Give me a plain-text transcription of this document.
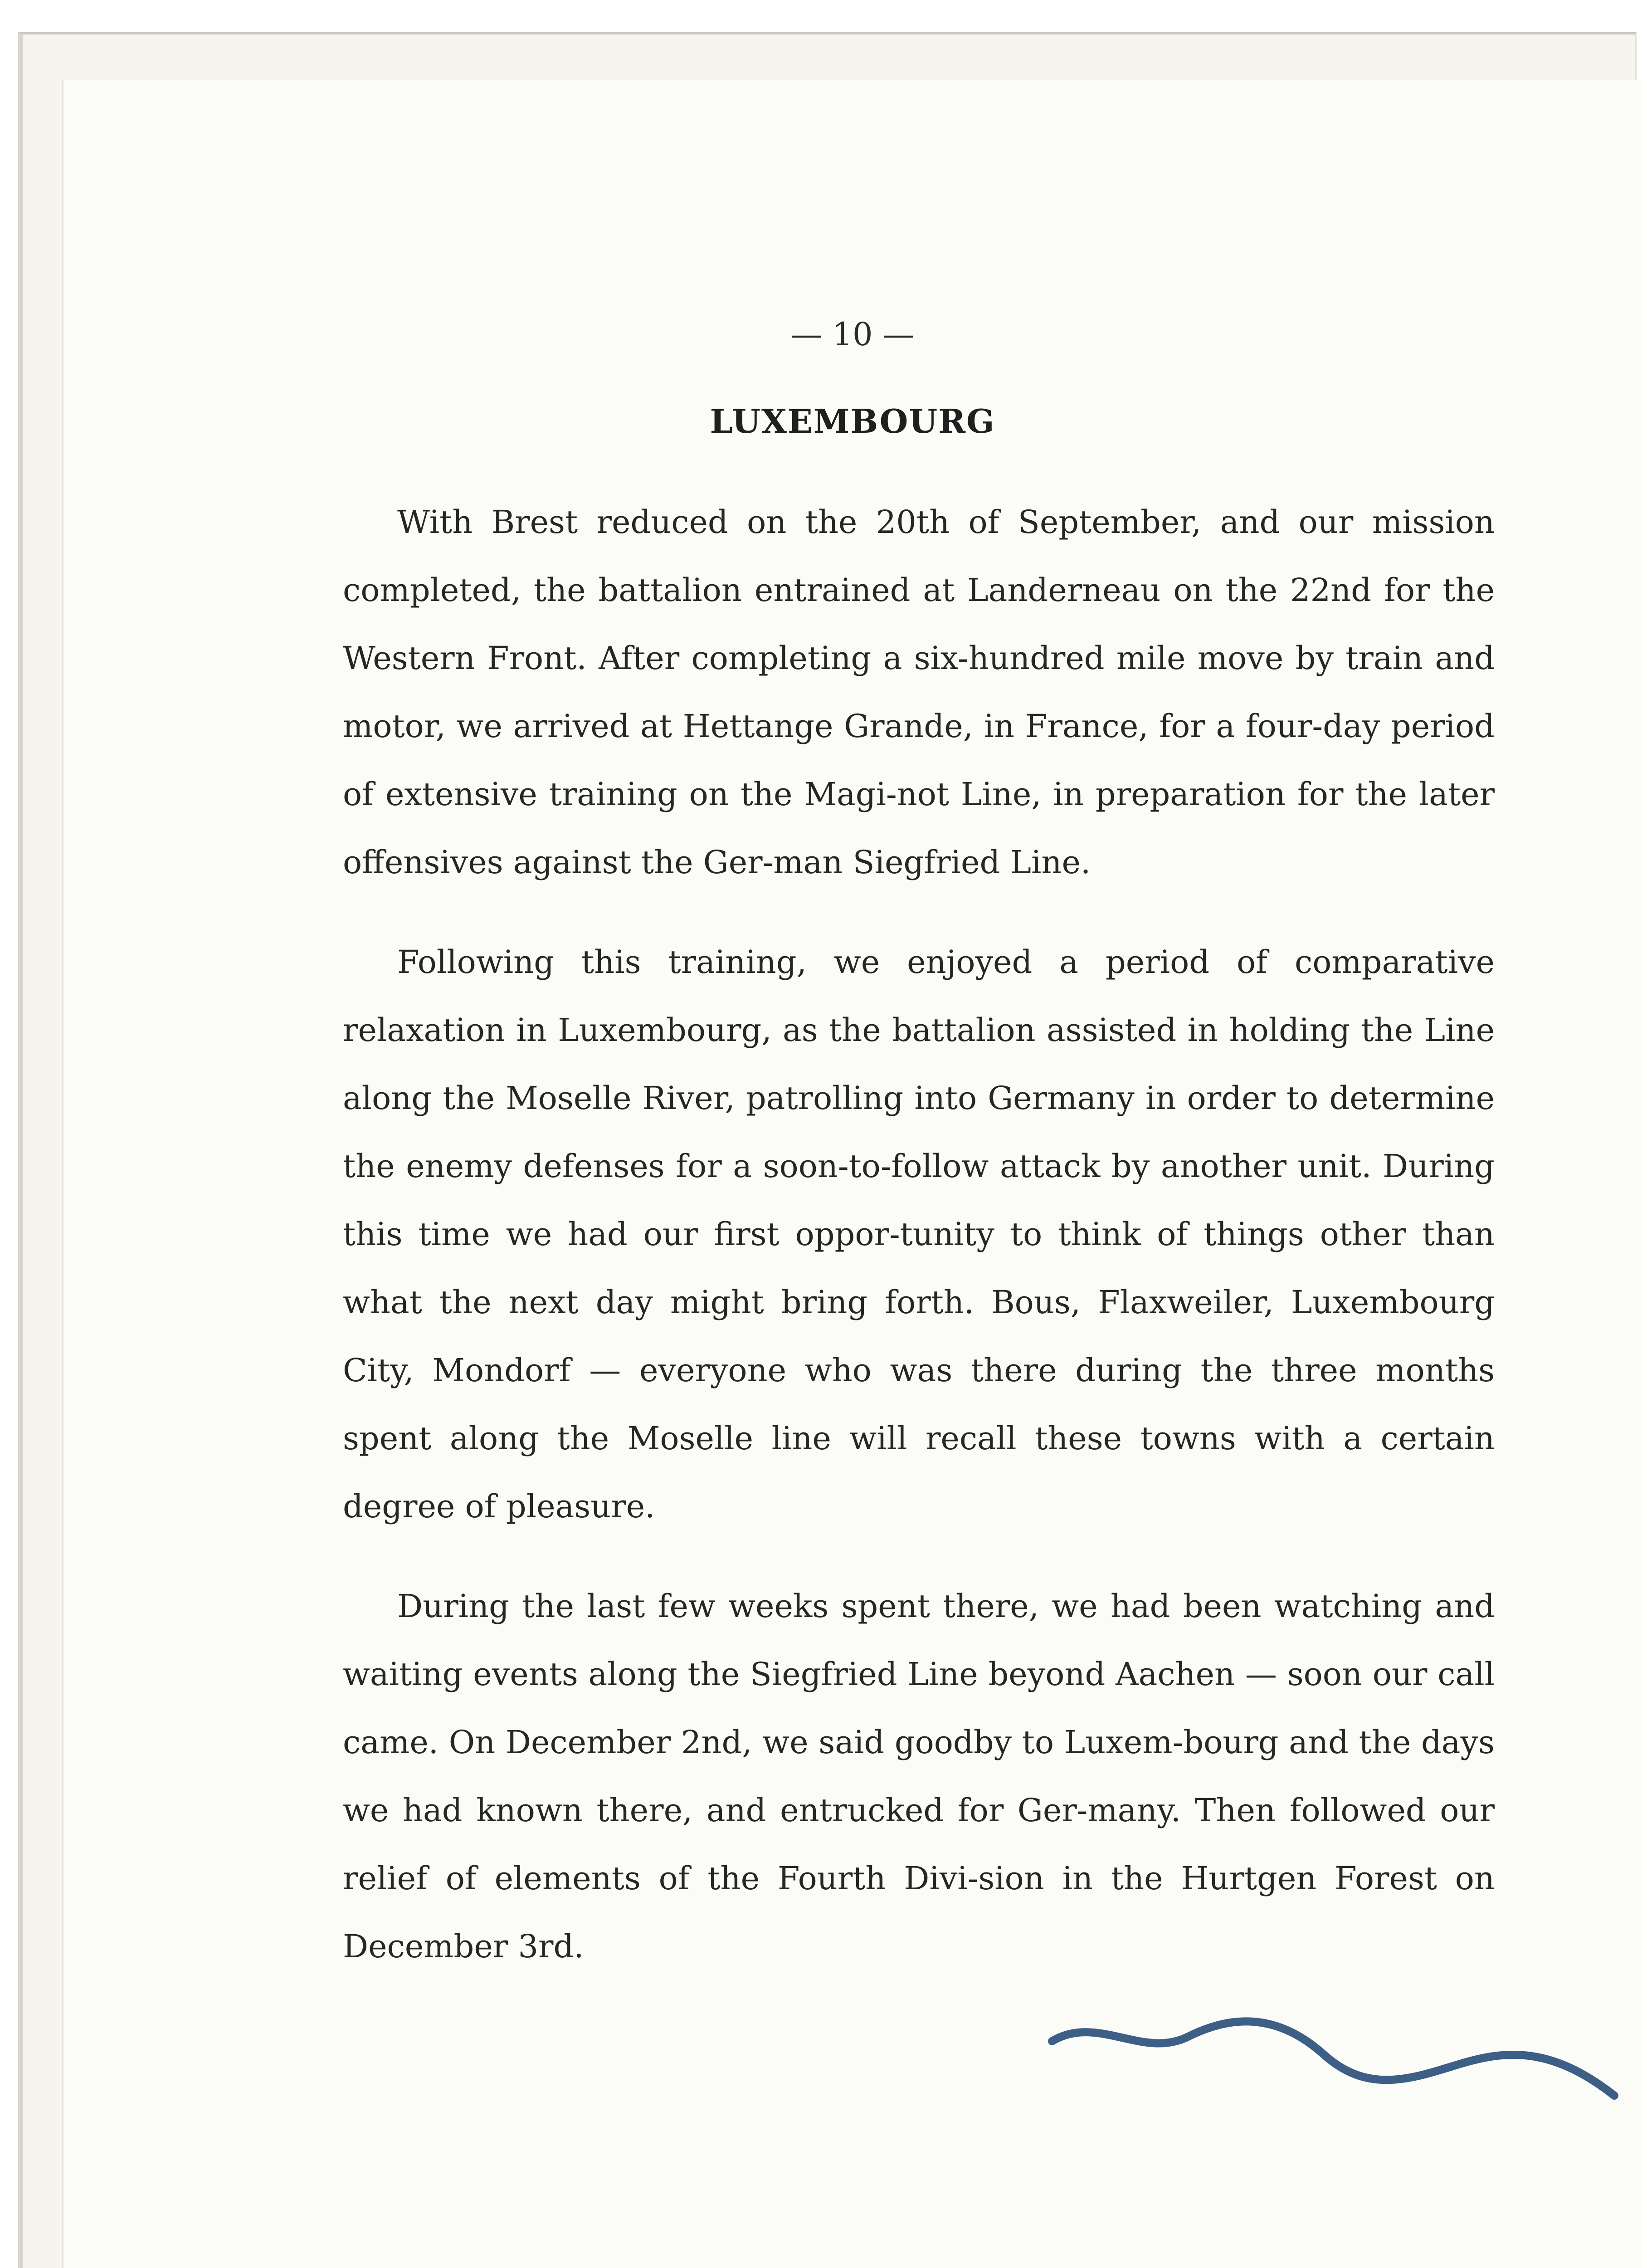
— 10 —
LUXEMBOURG

With Brest reduced on the 20th of September, and our mission completed, the battalion entrained at Landerneau on the 22nd for the Western Front. After completing a six-hundred mile move by train and motor, we arrived at Hettange Grande, in France, for a four-day period of extensive training on the Magi-not Line, in preparation for the later offensives against the Ger-man Siegfried Line.

Following this training, we enjoyed a period of comparative relaxation in Luxembourg, as the battalion assisted in holding the Line along the Moselle River, patrolling into Germany in order to determine the enemy defenses for a soon-to-follow attack by another unit. During this time we had our first oppor-tunity to think of things other than what the next day might bring forth. Bous, Flaxweiler, Luxembourg City, Mondorf — everyone who was there during the three months spent along the Moselle line will recall these towns with a certain degree of pleasure.

During the last few weeks spent there, we had been watching and waiting events along the Siegfried Line beyond Aachen — soon our call came. On December 2nd, we said goodby to Luxem-bourg and the days we had known there, and entrucked for Ger-many. Then followed our relief of elements of the Fourth Divi-sion in the Hurtgen Forest on December 3rd.
